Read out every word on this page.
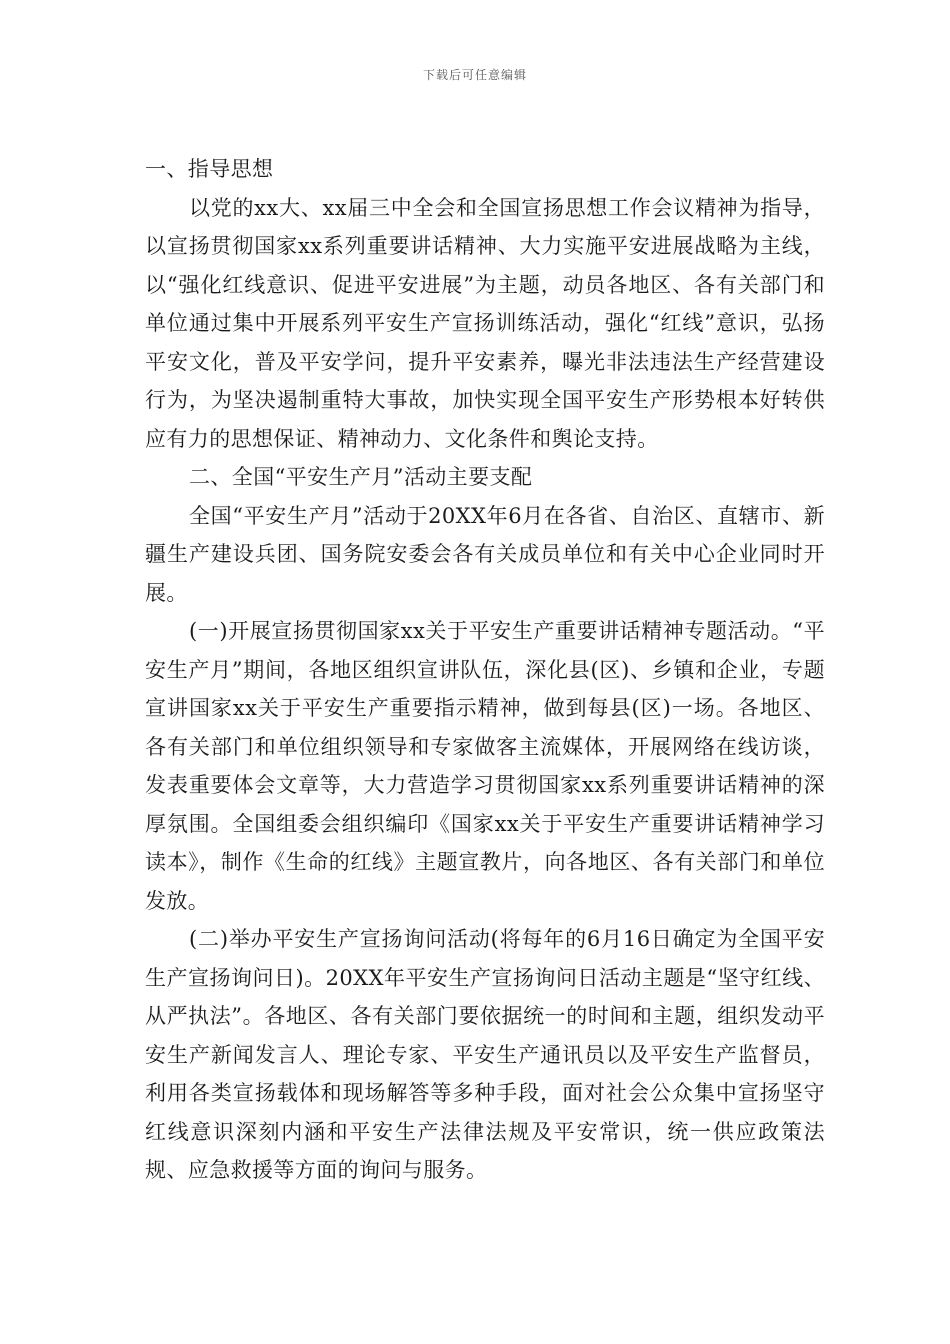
下载后可任意编辑

一、指导思想

以党的xx大、xx届三中全会和全国宣扬思想工作会议精神为指导，以宣扬贯彻国家xx系列重要讲话精神、大力实施平安进展战略为主线，以“强化红线意识、促进平安进展”为主题，动员各地区、各有关部门和单位通过集中开展系列平安生产宣扬训练活动，强化“红线”意识，弘扬平安文化，普及平安学问，提升平安素养，曝光非法违法生产经营建设行为，为坚决遏制重特大事故，加快实现全国平安生产形势根本好转供应有力的思想保证、精神动力、文化条件和舆论支持。

二、全国“平安生产月”活动主要支配

全国“平安生产月”活动于20XX年6月在各省、自治区、直辖市、新疆生产建设兵团、国务院安委会各有关成员单位和有关中心企业同时开展。

(一)开展宣扬贯彻国家xx关于平安生产重要讲话精神专题活动。“平安生产月”期间，各地区组织宣讲队伍，深化县(区)、乡镇和企业，专题宣讲国家xx关于平安生产重要指示精神，做到每县(区)一场。各地区、各有关部门和单位组织领导和专家做客主流媒体，开展网络在线访谈，发表重要体会文章等，大力营造学习贯彻国家xx系列重要讲话精神的深厚氛围。全国组委会组织编印《国家xx关于平安生产重要讲话精神学习读本》，制作《生命的红线》主题宣教片，向各地区、各有关部门和单位发放。

(二)举办平安生产宣扬询问活动(将每年的6月16日确定为全国平安生产宣扬询问日)。20XX年平安生产宣扬询问日活动主题是“坚守红线、从严执法”。各地区、各有关部门要依据统一的时间和主题，组织发动平安生产新闻发言人、理论专家、平安生产通讯员以及平安生产监督员，利用各类宣扬载体和现场解答等多种手段，面对社会公众集中宣扬坚守红线意识深刻内涵和平安生产法律法规及平安常识，统一供应政策法规、应急救援等方面的询问与服务。
